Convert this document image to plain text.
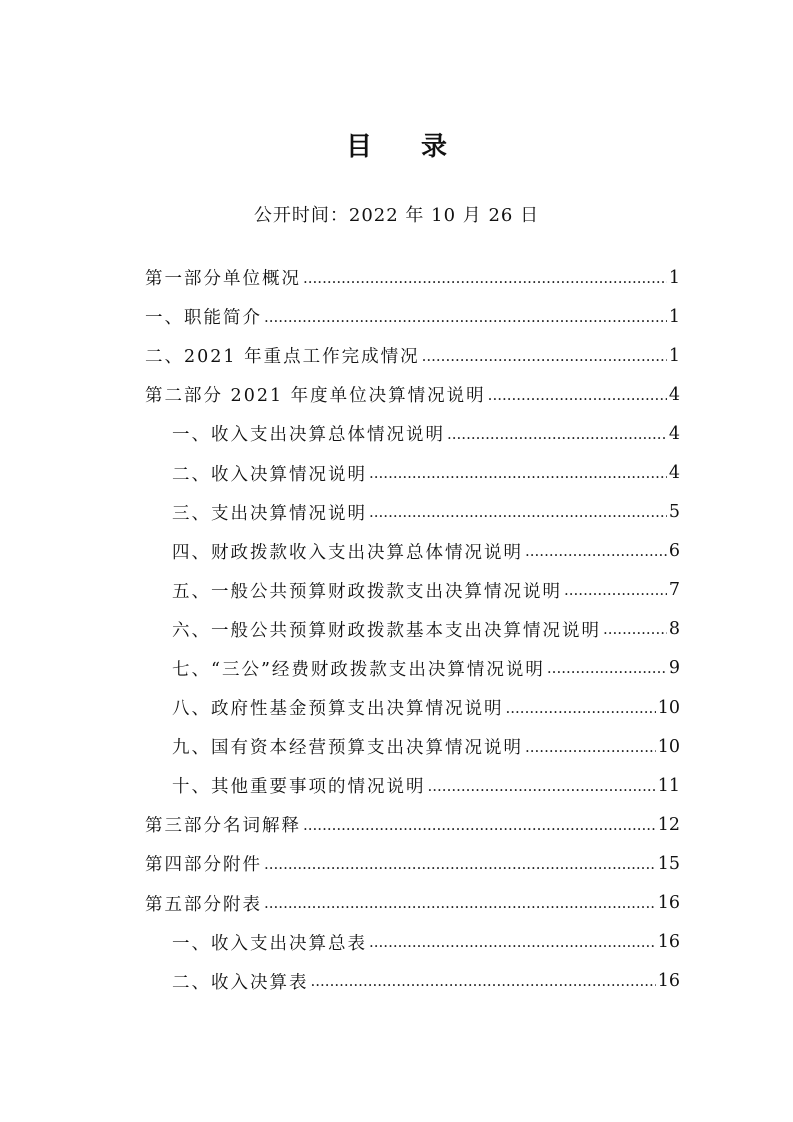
目 录
公开时间：2022 年 10 月 26 日
第一部分单位概况 .....	1
一、职能简介 .....	1
二、2021 年重点工作完成情况 .....	1
第二部分 2021 年度单位决算情况说明 .....	4
一、收入支出决算总体情况说明 .....	4
二、收入决算情况说明 .....	4
三、支出决算情况说明 .....	5
四、财政拨款收入支出决算总体情况说明 .....	6
五、一般公共预算财政拨款支出决算情况说明 .....	7
六、一般公共预算财政拨款基本支出决算情况说明 .....	8
七、“三公”经费财政拨款支出决算情况说明 .....	9
八、政府性基金预算支出决算情况说明 .....	10
九、国有资本经营预算支出决算情况说明 .....	10
十、其他重要事项的情况说明 .....	11
第三部分名词解释 .....	12
第四部分附件 .....	15
第五部分附表 .....	16
一、收入支出决算总表 .....	16
二、收入决算表 .....	16
